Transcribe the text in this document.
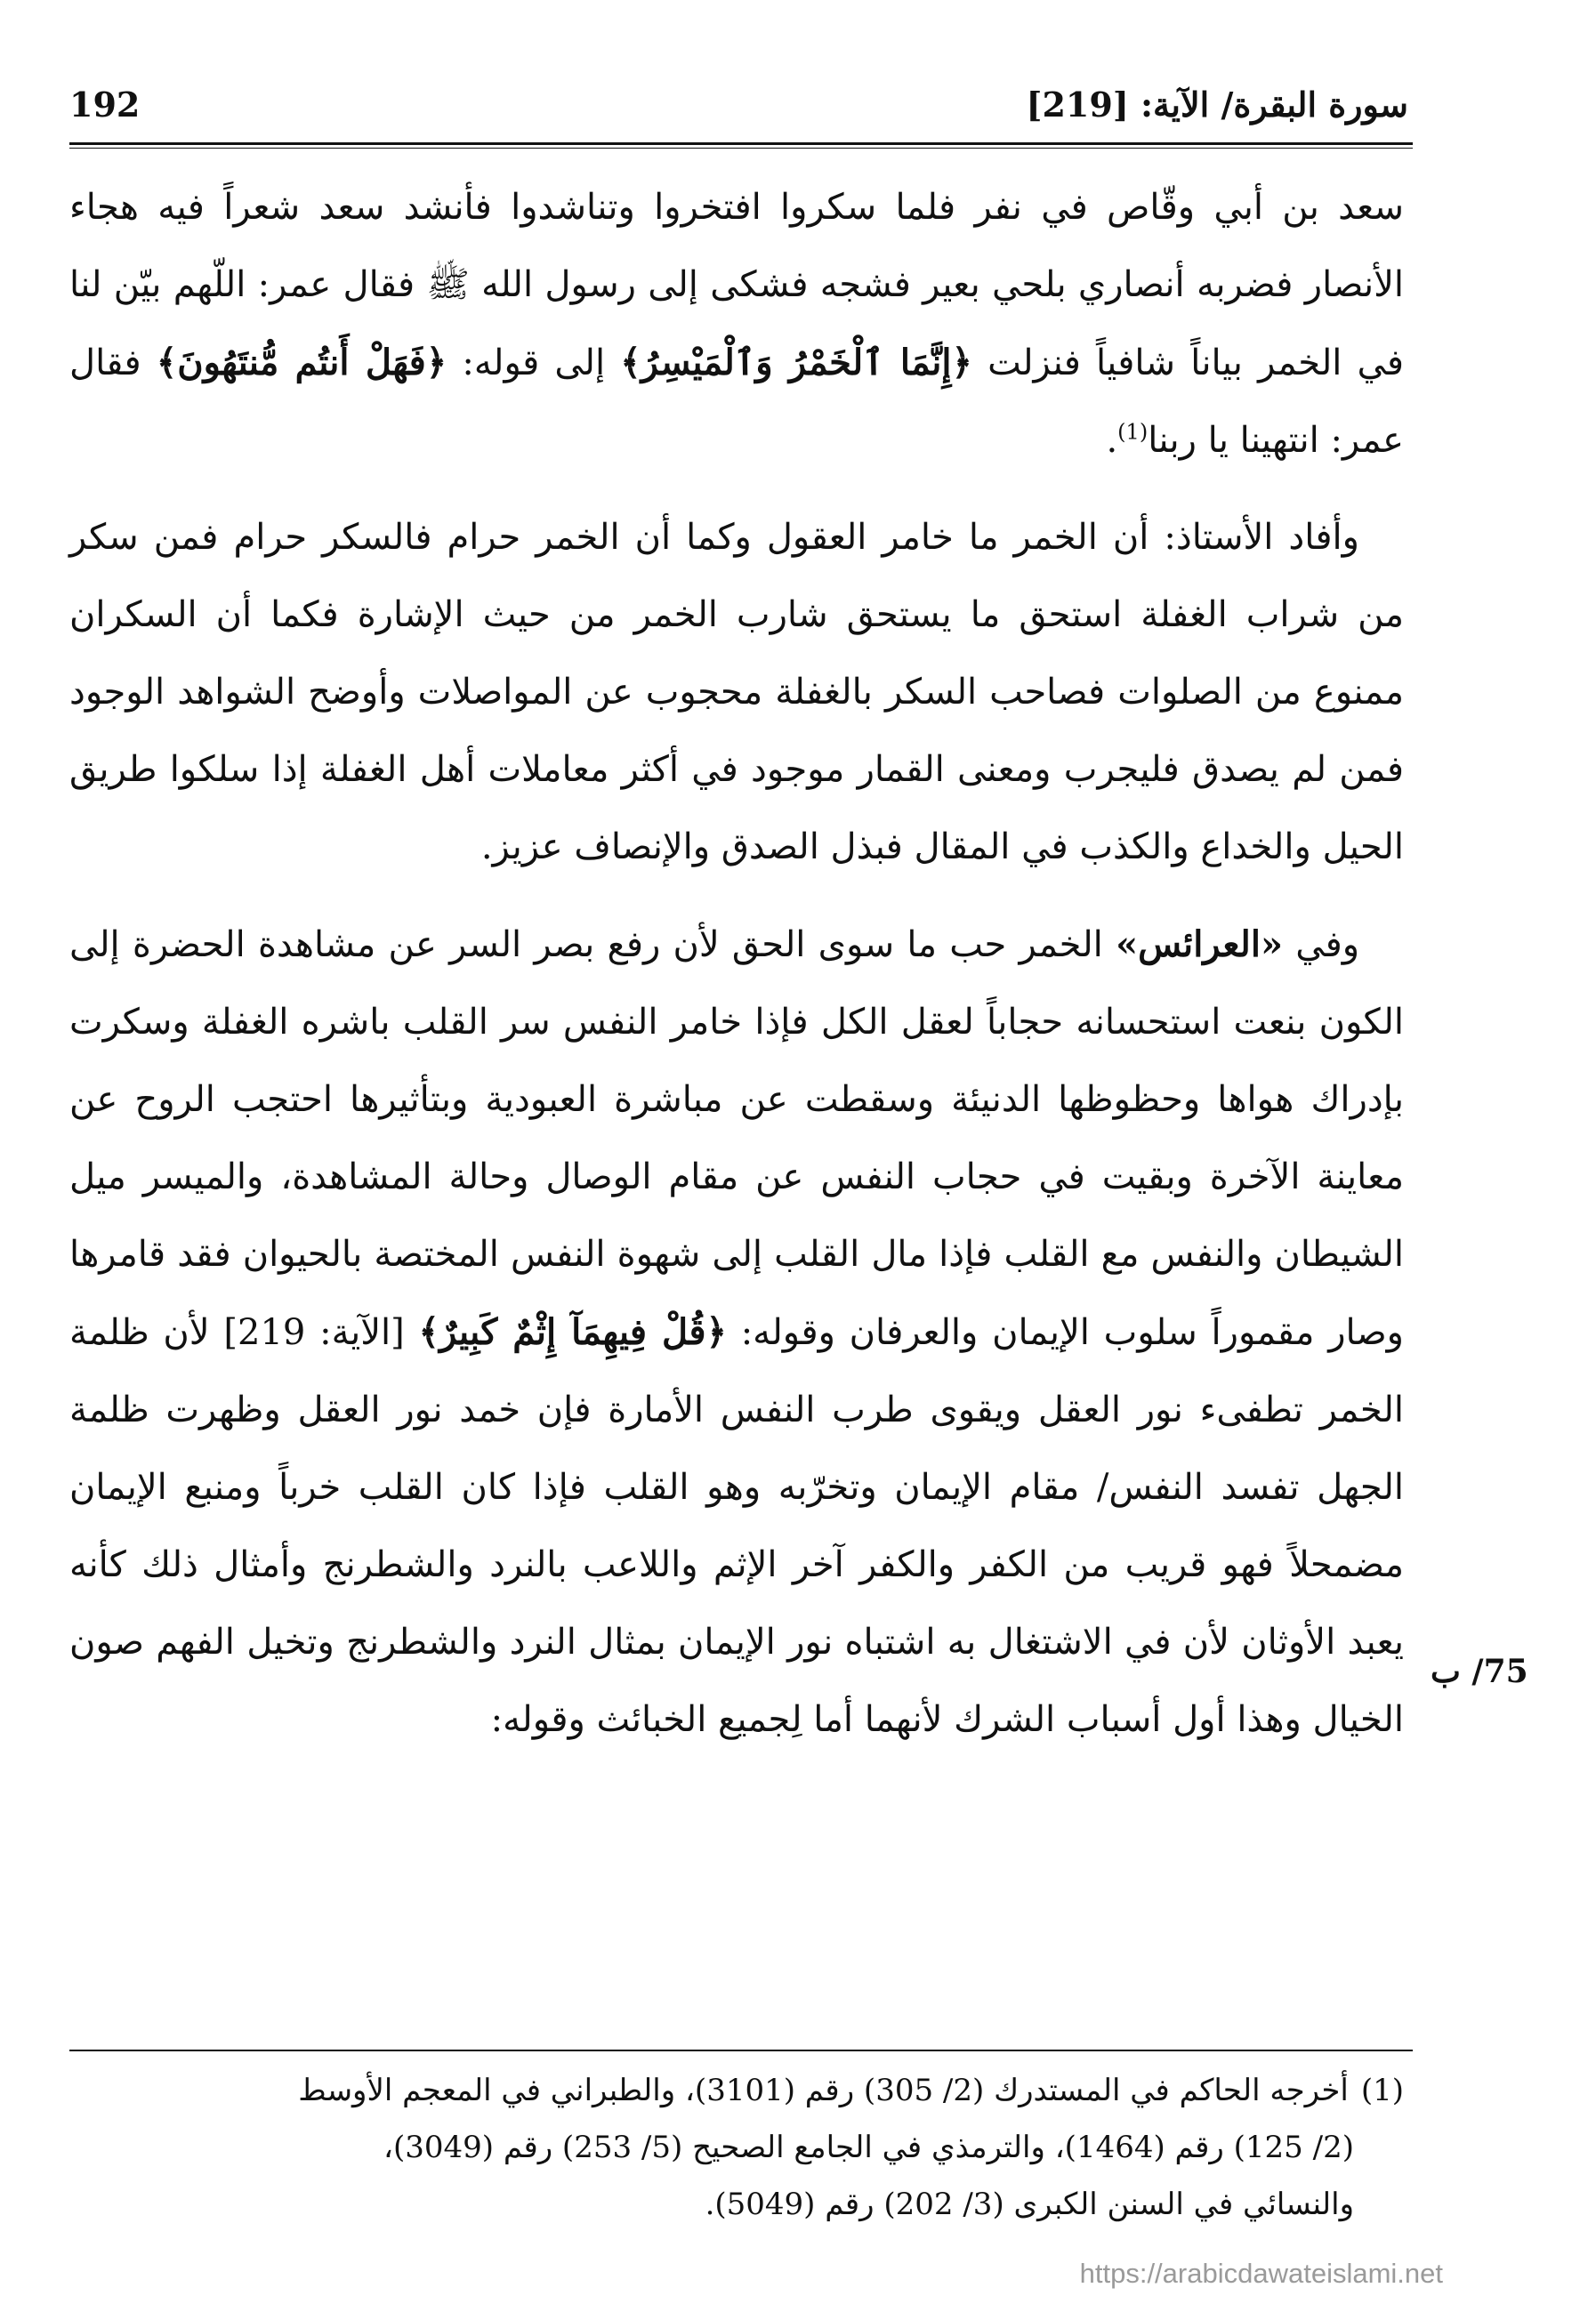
سورة البقرة/ الآية: [219]
192

سعد بن أبي وقّاص في نفر فلما سكروا افتخروا وتناشدوا فأنشد سعد شعراً فيه هجاء الأنصار فضربه أنصاري بلحي بعير فشجه فشكى إلى رسول الله ﷺ فقال عمر: اللّهم بيّن لنا في الخمر بياناً شافياً فنزلت ﴿إِنَّمَا ٱلْخَمْرُ وَٱلْمَيْسِرُ﴾ إلى قوله: ﴿فَهَلْ أَنتُم مُّنتَهُونَ﴾ فقال عمر: انتهينا يا ربنا$^{(1)}$.

وأفاد الأستاذ: أن الخمر ما خامر العقول وكما أن الخمر حرام فالسكر حرام فمن سكر من شراب الغفلة استحق ما يستحق شارب الخمر من حيث الإشارة فكما أن السكران ممنوع من الصلوات فصاحب السكر بالغفلة محجوب عن المواصلات وأوضح الشواهد الوجود فمن لم يصدق فليجرب ومعنى القمار موجود في أكثر معاملات أهل الغفلة إذا سلكوا طريق الحيل والخداع والكذب في المقال فبذل الصدق والإنصاف عزيز.

وفي «العرائس» الخمر حب ما سوى الحق لأن رفع بصر السر عن مشاهدة الحضرة إلى الكون بنعت استحسانه حجاباً لعقل الكل فإذا خامر النفس سر القلب باشره الغفلة وسكرت بإدراك هواها وحظوظها الدنيئة وسقطت عن مباشرة العبودية وبتأثيرها احتجب الروح عن معاينة الآخرة وبقيت في حجاب النفس عن مقام الوصال وحالة المشاهدة، والميسر ميل الشيطان والنفس مع القلب فإذا مال القلب إلى شهوة النفس المختصة بالحيوان فقد قامرها وصار مقموراً سلوب الإيمان والعرفان وقوله: ﴿قُلْ فِيهِمَآ إِثْمٌ كَبِيرٌ﴾ [الآية: 219] لأن ظلمة الخمر تطفىء نور العقل ويقوى طرب النفس الأمارة فإن خمد نور العقل وظهرت ظلمة الجهل تفسد النفس/ مقام الإيمان وتخرّبه وهو القلب فإذا كان القلب خرباً ومنبع الإيمان مضمحلاً فهو قريب من الكفر والكفر آخر الإثم واللاعب بالنرد والشطرنج وأمثال ذلك كأنه يعبد الأوثان لأن في الاشتغال به اشتباه نور الإيمان بمثال النرد والشطرنج وتخيل الفهم صون الخيال وهذا أول أسباب الشرك لأنهما أما لِجميع الخبائث وقوله:

75/ ب
(1)أخرجه الحاكم في المستدرك (2/ 305) رقم (3101)، والطبراني في المعجم الأوسط
(2/ 125) رقم (1464)، والترمذي في الجامع الصحيح (5/ 253) رقم (3049)،
والنسائي في السنن الكبرى (3/ 202) رقم (5049).
https://arabicdawateislami.net
